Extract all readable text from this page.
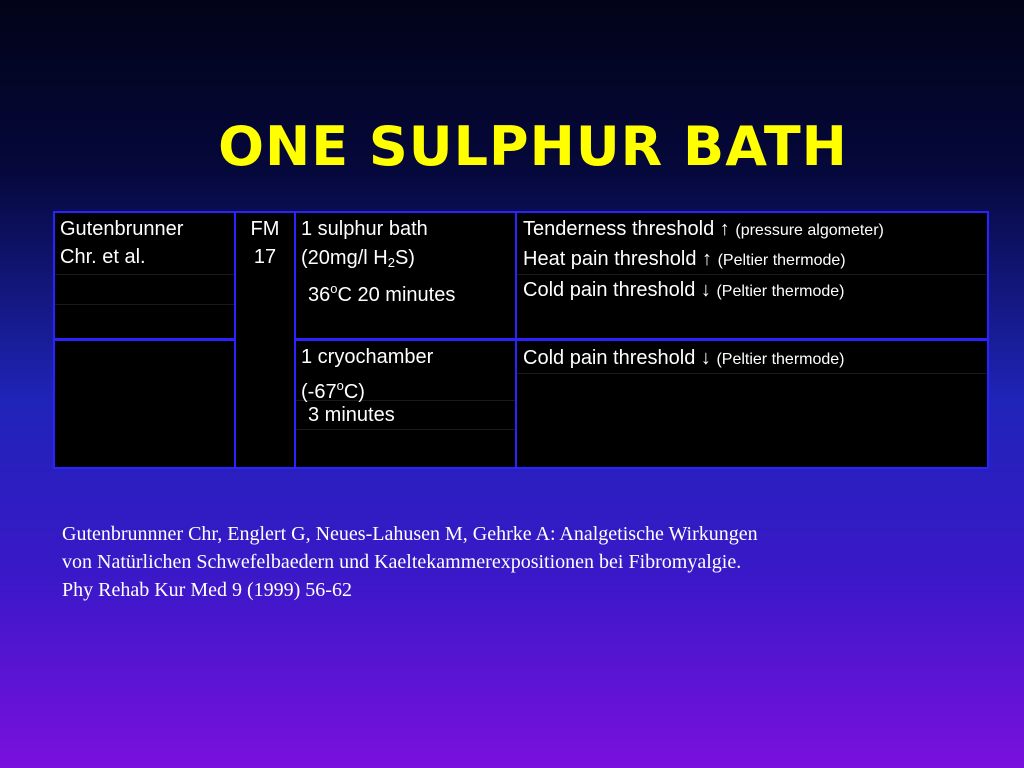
ONE SULPHUR BATH

Gutenbrunner

Chr. et al.

FM

17

1 sulphur bath

(20mg/l $H_2S$)

36$^o$C 20 minutes

Tenderness threshold ↑ (pressure algometer)

Heat pain threshold ↑ (Peltier thermode)

Cold pain threshold ↓ (Peltier thermode)

1 cryochamber

(-67$^o$C)

3 minutes

Cold pain threshold ↓ (Peltier thermode)

Gutenbrunnner Chr, Englert G, Neues-Lahusen M, Gehrke A: Analgetische Wirkungen
von Natürlichen Schwefelbaedern und Kaeltekammerexpositionen bei Fibromyalgie.
Phy Rehab Kur Med 9 (1999) 56-62
